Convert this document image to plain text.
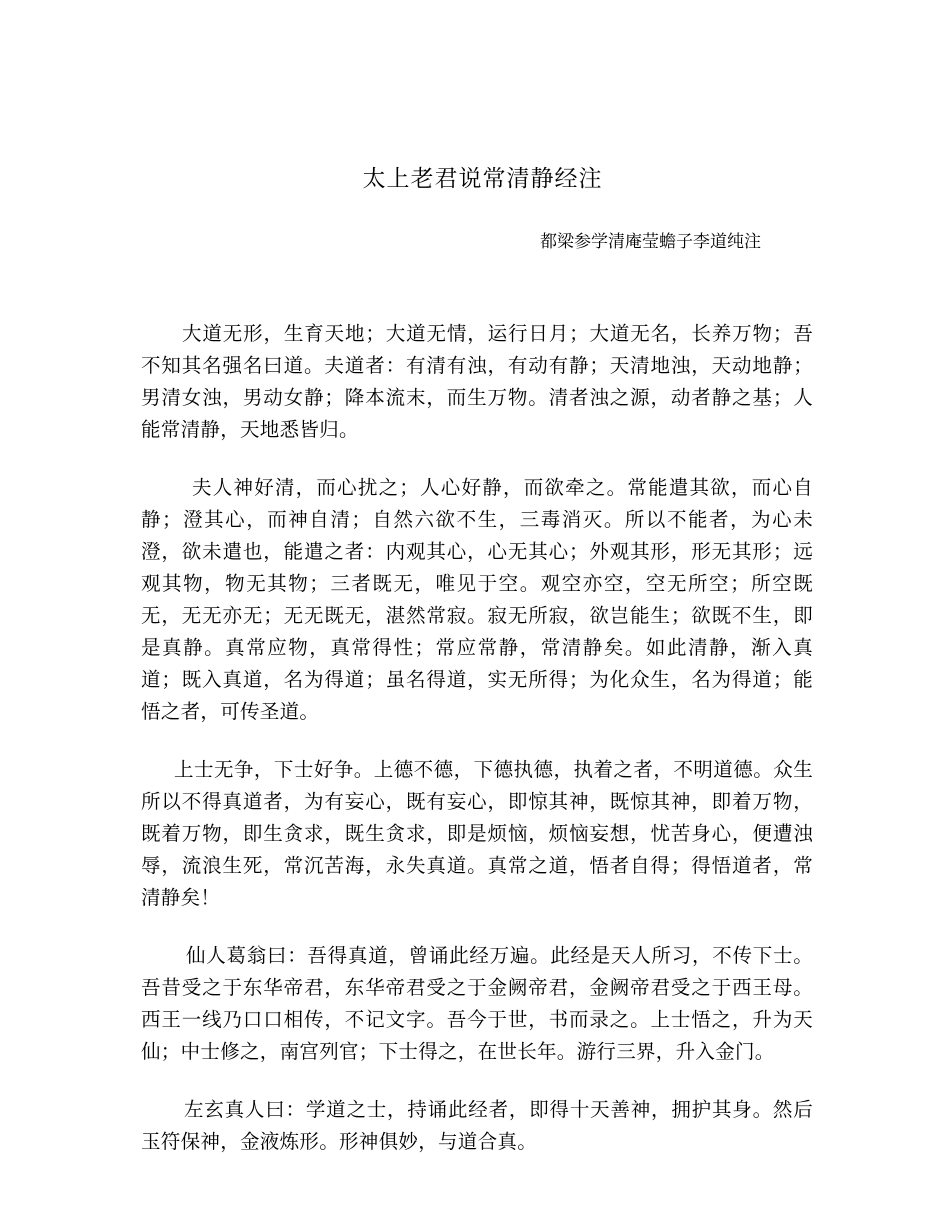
太上老君说常清静经注
都梁参学清庵莹蟾子李道纯注

大道无形，生育天地；大道无情，运行日月；大道无名，长养万物；吾不知其名强名曰道。夫道者：有清有浊，有动有静；天清地浊，天动地静；男清女浊，男动女静；降本流末，而生万物。清者浊之源，动者静之基；人能常清静，天地悉皆归。

夫人神好清，而心扰之；人心好静，而欲牵之。常能遣其欲，而心自静；澄其心，而神自清；自然六欲不生，三毒消灭。所以不能者，为心未澄，欲未遣也，能遣之者：内观其心，心无其心；外观其形，形无其形；远观其物，物无其物；三者既无，唯见于空。观空亦空，空无所空；所空既无，无无亦无；无无既无，湛然常寂。寂无所寂，欲岂能生；欲既不生，即是真静。真常应物，真常得性；常应常静，常清静矣。如此清静，渐入真道；既入真道，名为得道；虽名得道，实无所得；为化众生，名为得道；能悟之者，可传圣道。

上士无争，下士好争。上德不德，下德执德，执着之者，不明道德。众生所以不得真道者，为有妄心，既有妄心，即惊其神，既惊其神，即着万物，既着万物，即生贪求，既生贪求，即是烦恼，烦恼妄想，忧苦身心，便遭浊辱，流浪生死，常沉苦海，永失真道。真常之道，悟者自得；得悟道者，常清静矣！

仙人葛翁曰：吾得真道，曾诵此经万遍。此经是天人所习，不传下士。吾昔受之于东华帝君，东华帝君受之于金阙帝君，金阙帝君受之于西王母。西王一线乃口口相传，不记文字。吾今于世，书而录之。上士悟之，升为天仙；中士修之，南宫列官；下士得之，在世长年。游行三界，升入金门。

左玄真人曰：学道之士，持诵此经者，即得十天善神，拥护其身。然后玉符保神，金液炼形。形神俱妙，与道合真。
